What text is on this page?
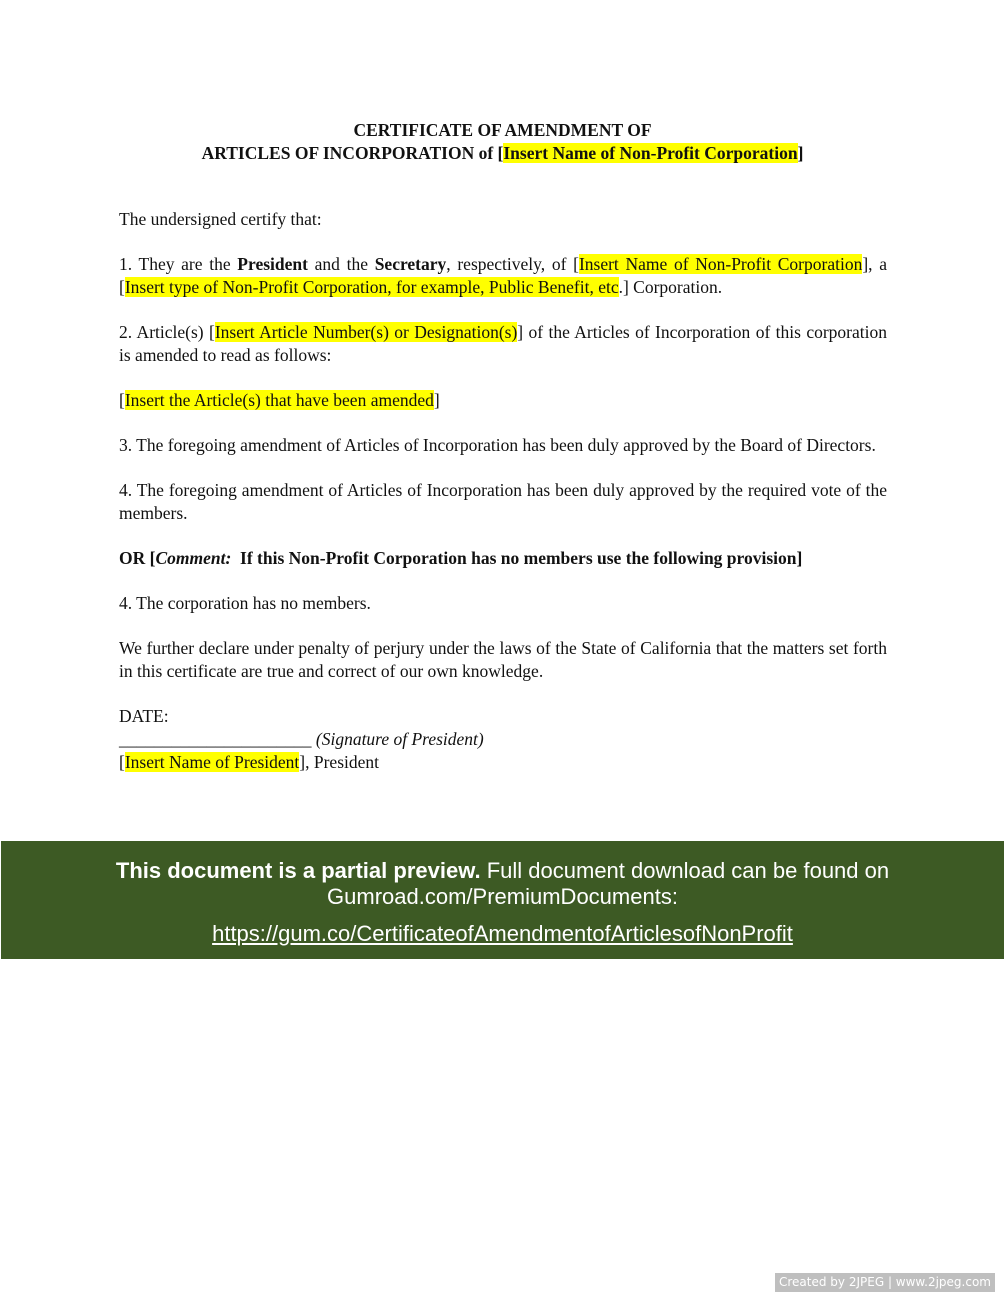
CERTIFICATE OF AMENDMENT OF
ARTICLES OF INCORPORATION of [Insert Name of Non-Profit Corporation]

The undersigned certify that:

1. They are the President and the Secretary, respectively, of [Insert Name of Non-Profit Corporation], a [Insert type of Non-Profit Corporation, for example, Public Benefit, etc.] Corporation.

2. Article(s) [Insert Article Number(s) or Designation(s)] of the Articles of Incorporation of this corporation is amended to read as follows:

[Insert the Article(s) that have been amended]

3. The foregoing amendment of Articles of Incorporation has been duly approved by the Board of Directors.

4. The foregoing amendment of Articles of Incorporation has been duly approved by the required vote of the members.

OR [Comment:  If this Non-Profit Corporation has no members use the following provision]

4. The corporation has no members.

We further declare under penalty of perjury under the laws of the State of California that the matters set forth in this certificate are true and correct of our own knowledge.

DATE:

______________________ (Signature of President)

[Insert Name of President], President

This document is a partial preview. Full document download can be found on
Gumroad.com/PremiumDocuments:
https://gum.co/CertificateofAmendmentofArticlesofNonProfit
Created by 2JPEG | www.2jpeg.com
